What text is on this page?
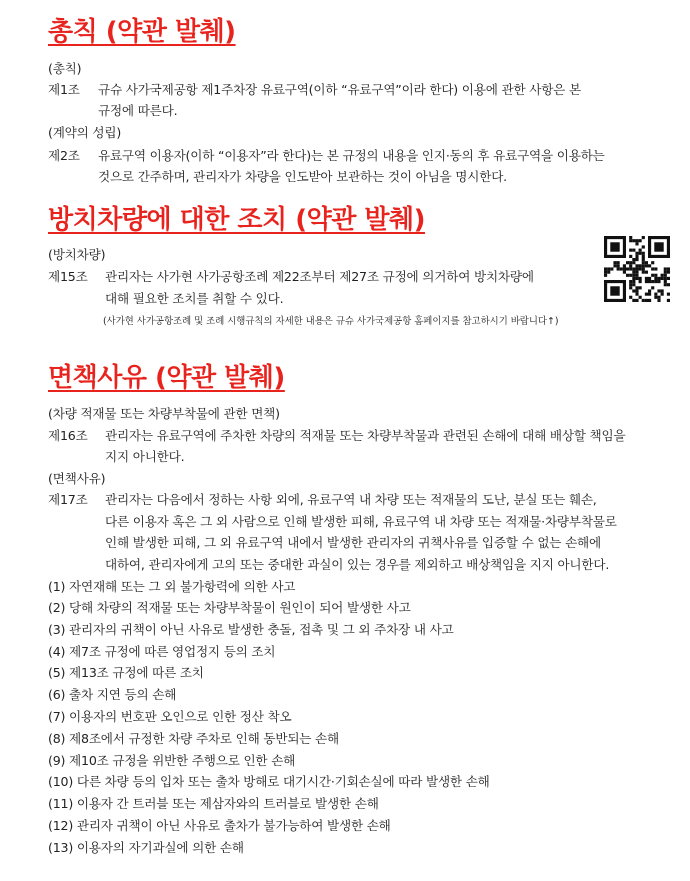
총칙 (약관 발췌)
(총칙)
제1조 규슈 사가국제공항 제1주차장 유료구역(이하 “유료구역”이라 한다) 이용에 관한 사항은 본
규정에 따른다.
(계약의 성립)
제2조 유료구역 이용자(이하 “이용자”라 한다)는 본 규정의 내용을 인지·동의 후 유료구역을 이용하는
것으로 간주하며, 관리자가 차량을 인도받아 보관하는 것이 아님을 명시한다.
방치차량에 대한 조치 (약관 발췌)
(방치차량)
제15조 관리자는 사가현 사가공항조례 제22조부터 제27조 규정에 의거하여 방치차량에
대해 필요한 조치를 취할 수 있다.
(사가현 사가공항조례 및 조례 시행규칙의 자세한 내용은 규슈 사가국제공항 홈페이지를 참고하시기 바랍니다↑)
면책사유 (약관 발췌)
(차량 적재물 또는 차량부착물에 관한 면책)
제16조 관리자는 유료구역에 주차한 차량의 적재물 또는 차량부착물과 관련된 손해에 대해 배상할 책임을
지지 아니한다.
(면책사유)
제17조 관리자는 다음에서 정하는 사항 외에, 유료구역 내 차량 또는 적재물의 도난, 분실 또는 훼손,
다른 이용자 혹은 그 외 사람으로 인해 발생한 피해, 유료구역 내 차량 또는 적재물·차량부착물로
인해 발생한 피해, 그 외 유료구역 내에서 발생한 관리자의 귀책사유를 입증할 수 없는 손해에
대하여, 관리자에게 고의 또는 중대한 과실이 있는 경우를 제외하고 배상책임을 지지 아니한다.
(1) 자연재해 또는 그 외 불가항력에 의한 사고
(2) 당해 차량의 적재물 또는 차량부착물이 원인이 되어 발생한 사고
(3) 관리자의 귀책이 아닌 사유로 발생한 충돌, 접촉 및 그 외 주차장 내 사고
(4) 제7조 규정에 따른 영업정지 등의 조치
(5) 제13조 규정에 따른 조치
(6) 출차 지연 등의 손해
(7) 이용자의 번호판 오인으로 인한 정산 착오
(8) 제8조에서 규정한 차량 주차로 인해 동반되는 손해
(9) 제10조 규정을 위반한 주행으로 인한 손해
(10) 다른 차량 등의 입차 또는 출차 방해로 대기시간·기회손실에 따라 발생한 손해
(11) 이용자 간 트러블 또는 제삼자와의 트러블로 발생한 손해
(12) 관리자 귀책이 아닌 사유로 출차가 불가능하여 발생한 손해
(13) 이용자의 자기과실에 의한 손해
